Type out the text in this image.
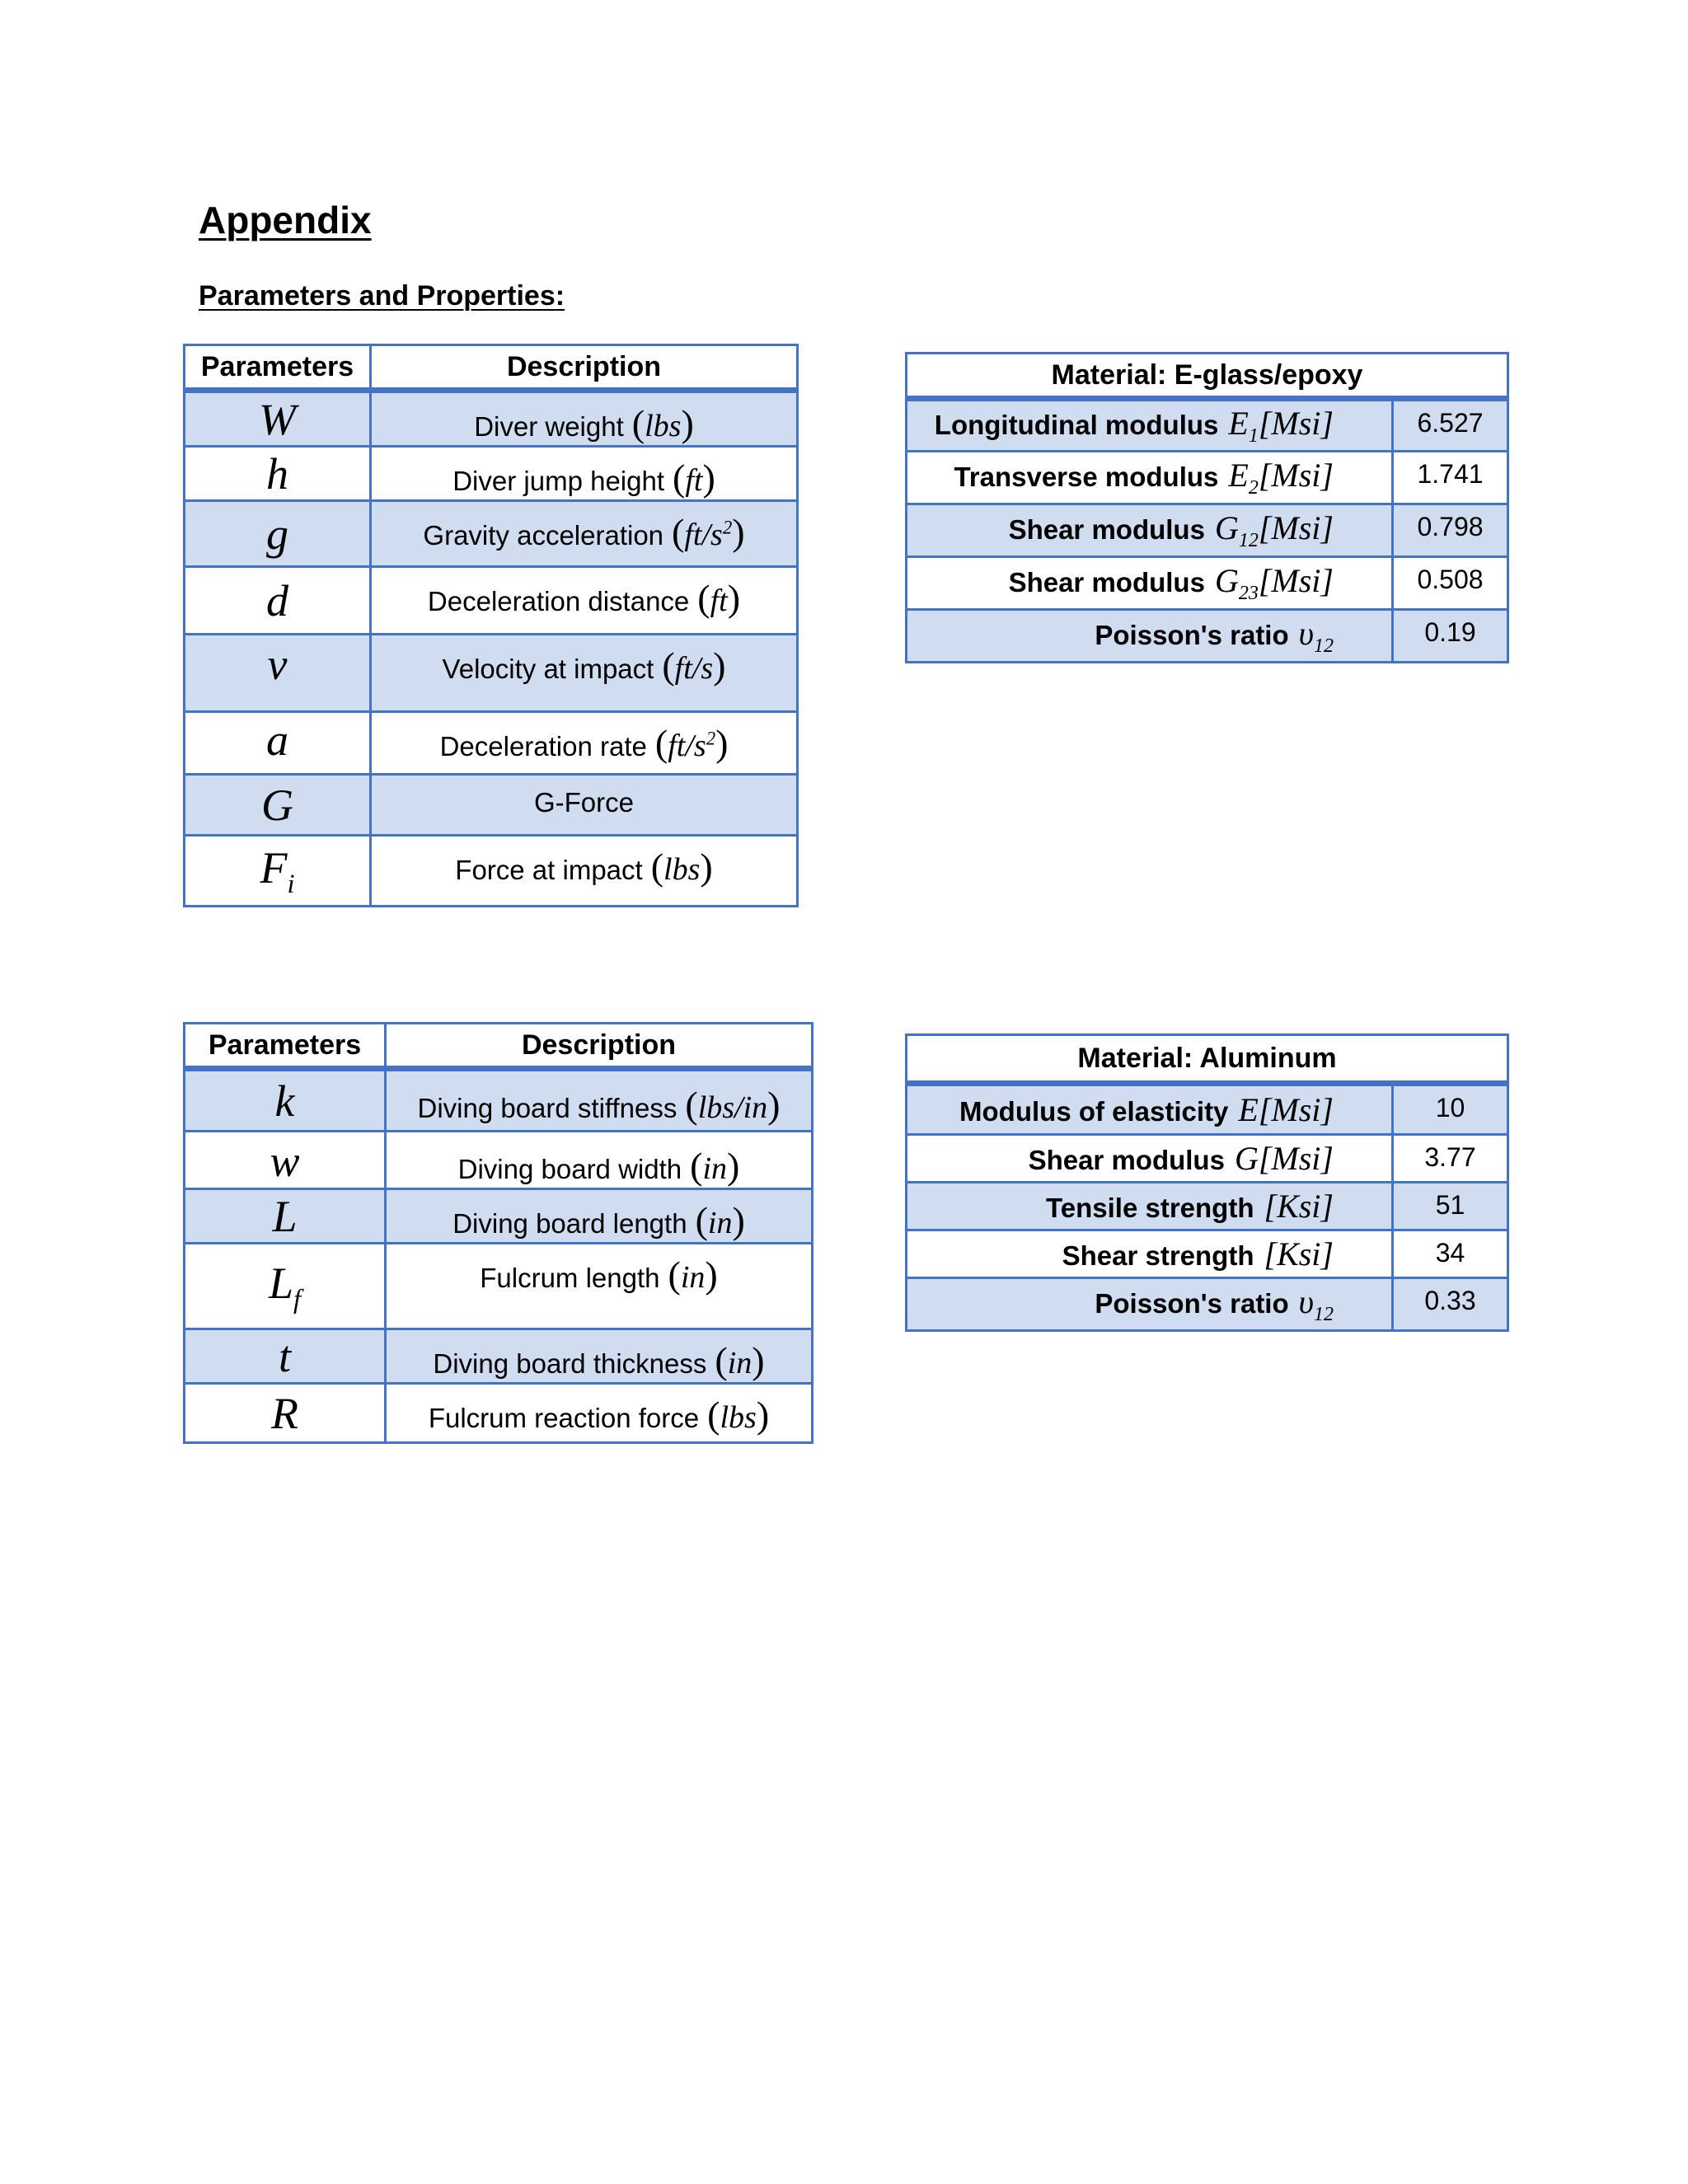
Appendix
Parameters and Properties:
Parameters	Description
W	Diver weight (lbs)
h	Diver jump height (ft)
g	Gravity acceleration $(ft/s^2)$
d	Deceleration distance (ft)
v	Velocity at impact (ft/s)
a	Deceleration rate $(ft/s^2)$
G	G-Force
$F_i$	Force at impact (lbs)
Parameters	Description
k	Diving board stiffness (lbs/in)
w	Diving board width (in)
L	Diving board length (in)
$L_f$	Fulcrum length (in)
t	Diving board thickness (in)
R	Fulcrum reaction force (lbs)
Material: E-glass/epoxy	
Longitudinal modulus $E_1[Msi]$	6.527
Transverse modulus $E_2[Msi]$	1.741
Shear modulus $G_{12}[Msi]$	0.798
Shear modulus $G_{23}[Msi]$	0.508
Poisson's ratio $\upsilon_{12}$	0.19
Material: Aluminum	
Modulus of elasticity E[Msi]	10
Shear modulus G[Msi]	3.77
Tensile strength [Ksi]	51
Shear strength [Ksi]	34
Poisson's ratio $\upsilon_{12}$	0.33
